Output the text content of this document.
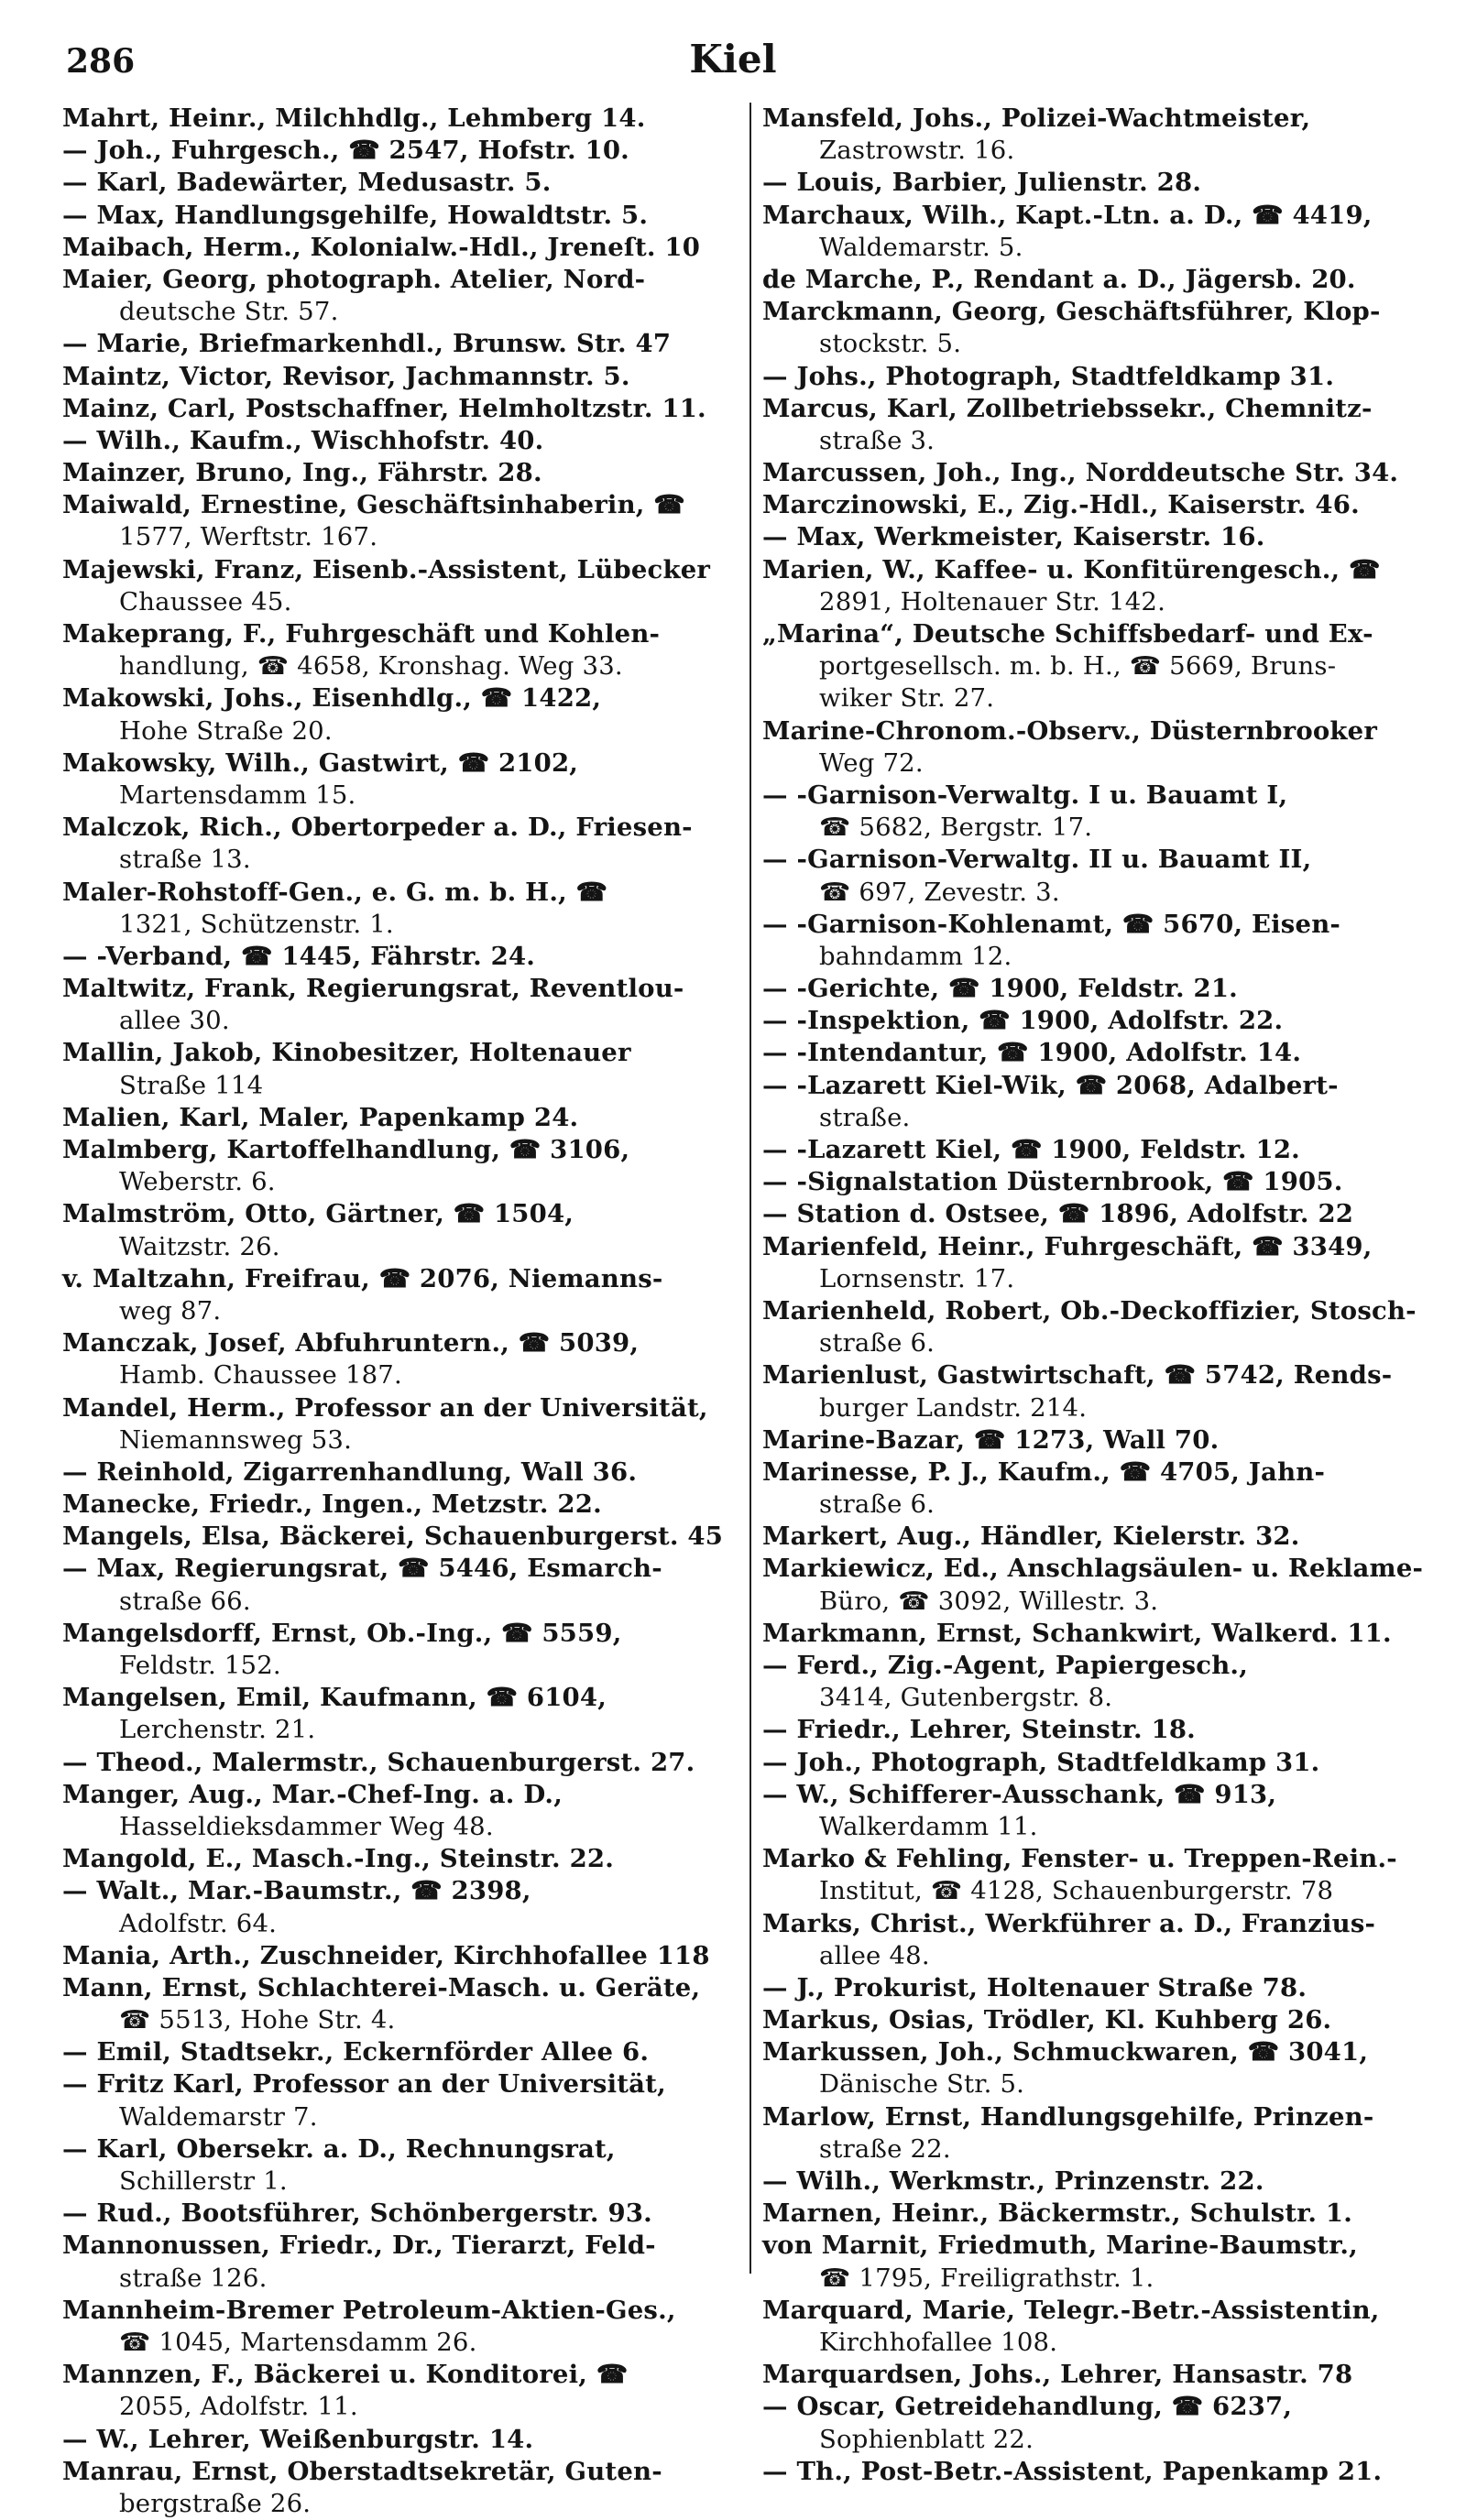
286	Kiel
Mahrt, Heinr., Milchhdlg., Lehmberg 14.
— Joh., Fuhrgesch., ☎ 2547, Hofstr. 10.
— Karl, Badewärter, Medusastr. 5.
— Max, Handlungsgehilfe, Howaldtstr. 5.
Maibach, Herm., Kolonialw.-Hdl., Jreneſt. 10
Maier, Georg, photograph. Atelier, Nord-
deutsche Str. 57.
— Marie, Briefmarkenhdl., Brunsw. Str. 47
Maintz, Victor, Revisor, Jachmannstr. 5.
Mainz, Carl, Postschaffner, Helmholtzstr. 11.
— Wilh., Kaufm., Wischhofstr. 40.
Mainzer, Bruno, Ing., Fährstr. 28.
Maiwald, Ernestine, Geschäftsinhaberin, ☎
1577, Werftstr. 167.
Majewski, Franz, Eisenb.-Assistent, Lübecker
Chaussee 45.
Makeprang, F., Fuhrgeschäft und Kohlen-
handlung, ☎ 4658, Kronshag. Weg 33.
Makowski, Johs., Eisenhdlg., ☎ 1422,
Hohe Straße 20.
Makowsky, Wilh., Gastwirt, ☎ 2102,
Martensdamm 15.
Malczok, Rich., Obertorpeder a. D., Friesen-
straße 13.
Maler-Rohstoff-Gen., e. G. m. b. H., ☎
1321, Schützenstr. 1.
— -Verband, ☎ 1445, Fährstr. 24.
Maltwitz, Frank, Regierungsrat, Reventlou-
allee 30.
Mallin, Jakob, Kinobesitzer, Holtenauer
Straße 114
Malien, Karl, Maler, Papenkamp 24.
Malmberg, Kartoffelhandlung, ☎ 3106,
Weberstr. 6.
Malmström, Otto, Gärtner, ☎ 1504,
Waitzstr. 26.
v. Maltzahn, Freifrau, ☎ 2076, Niemanns-
weg 87.
Manczak, Josef, Abfuhruntern., ☎ 5039,
Hamb. Chaussee 187.
Mandel, Herm., Professor an der Universität,
Niemannsweg 53.
— Reinhold, Zigarrenhandlung, Wall 36.
Manecke, Friedr., Ingen., Metzstr. 22.
Mangels, Elsa, Bäckerei, Schauenburgerst. 45
— Max, Regierungsrat, ☎ 5446, Esmarch-
straße 66.
Mangelsdorff, Ernst, Ob.-Ing., ☎ 5559,
Feldstr. 152.
Mangelsen, Emil, Kaufmann, ☎ 6104,
Lerchenstr. 21.
— Theod., Malermstr., Schauenburgerst. 27.
Manger, Aug., Mar.-Chef-Ing. a. D.,
Hasseldieksdammer Weg 48.
Mangold, E., Masch.-Ing., Steinstr. 22.
— Walt., Mar.-Baumstr., ☎ 2398,
Adolfstr. 64.
Mania, Arth., Zuschneider, Kirchhofallee 118
Mann, Ernst, Schlachterei-Masch. u. Geräte,
☎ 5513, Hohe Str. 4.
— Emil, Stadtsekr., Eckernförder Allee 6.
— Fritz Karl, Professor an der Universität,
Waldemarstr 7.
— Karl, Obersekr. a. D., Rechnungsrat,
Schillerstr 1.
— Rud., Bootsführer, Schönbergerstr. 93.
Mannonussen, Friedr., Dr., Tierarzt, Feld-
straße 126.
Mannheim-Bremer Petroleum-Aktien-Ges.,
☎ 1045, Martensdamm 26.
Mannzen, F., Bäckerei u. Konditorei, ☎
2055, Adolfstr. 11.
— W., Lehrer, Weißenburgstr. 14.
Manrau, Ernst, Oberstadtsekretär, Guten-
bergstraße 26.
Mansfeld, Johs., Polizei-Wachtmeister,
Zastrowstr. 16.
— Louis, Barbier, Julienstr. 28.
Marchaux, Wilh., Kapt.-Ltn. a. D., ☎ 4419,
Waldemarstr. 5.
de Marche, P., Rendant a. D., Jägersb. 20.
Marckmann, Georg, Geschäftsführer, Klop-
stockstr. 5.
— Johs., Photograph, Stadtfeldkamp 31.
Marcus, Karl, Zollbetriebssekr., Chemnitz-
straße 3.
Marcussen, Joh., Ing., Norddeutsche Str. 34.
Marczinowski, E., Zig.-Hdl., Kaiserstr. 46.
— Max, Werkmeister, Kaiserstr. 16.
Marien, W., Kaffee- u. Konfitürengesch., ☎
2891, Holtenauer Str. 142.
„Marina“, Deutsche Schiffsbedarf- und Ex-
portgesellsch. m. b. H., ☎ 5669, Bruns-
wiker Str. 27.
Marine-Chronom.-Observ., Düsternbrooker
Weg 72.
— -Garnison-Verwaltg. I u. Bauamt I,
☎ 5682, Bergstr. 17.
— -Garnison-Verwaltg. II u. Bauamt II,
☎ 697, Zevestr. 3.
— -Garnison-Kohlenamt, ☎ 5670, Eisen-
bahndamm 12.
— -Gerichte, ☎ 1900, Feldstr. 21.
— -Inspektion, ☎ 1900, Adolfstr. 22.
— -Intendantur, ☎ 1900, Adolfstr. 14.
— -Lazarett Kiel-Wik, ☎ 2068, Adalbert-
straße.
— -Lazarett Kiel, ☎ 1900, Feldstr. 12.
— -Signalstation Düsternbrook, ☎ 1905.
— Station d. Ostsee, ☎ 1896, Adolfstr. 22
Marienfeld, Heinr., Fuhrgeschäft, ☎ 3349,
Lornsenstr. 17.
Marienheld, Robert, Ob.-Deckoffizier, Stosch-
straße 6.
Marienlust, Gastwirtschaft, ☎ 5742, Rends-
burger Landstr. 214.
Marine-Bazar, ☎ 1273, Wall 70.
Marinesse, P. J., Kaufm., ☎ 4705, Jahn-
straße 6.
Markert, Aug., Händler, Kielerstr. 32.
Markiewicz, Ed., Anschlagsäulen- u. Reklame-
Büro, ☎ 3092, Willestr. 3.
Markmann, Ernst, Schankwirt, Walkerd. 11.
— Ferd., Zig.-Agent, Papiergesch.,
3414, Gutenbergstr. 8.
— Friedr., Lehrer, Steinstr. 18.
— Joh., Photograph, Stadtfeldkamp 31.
— W., Schifferer-Ausschank, ☎ 913,
Walkerdamm 11.
Marko & Fehling, Fenster- u. Treppen-Rein.-
Institut, ☎ 4128, Schauenburgerstr. 78
Marks, Christ., Werkführer a. D., Franzius-
allee 48.
— J., Prokurist, Holtenauer Straße 78.
Markus, Osias, Trödler, Kl. Kuhberg 26.
Markussen, Joh., Schmuckwaren, ☎ 3041,
Dänische Str. 5.
Marlow, Ernst, Handlungsgehilfe, Prinzen-
straße 22.
— Wilh., Werkmstr., Prinzenstr. 22.
Marnen, Heinr., Bäckermstr., Schulstr. 1.
von Marnit, Friedmuth, Marine-Baumstr.,
☎ 1795, Freiligrathstr. 1.
Marquard, Marie, Telegr.-Betr.-Assistentin,
Kirchhofallee 108.
Marquardsen, Johs., Lehrer, Hansastr. 78
— Oscar, Getreidehandlung, ☎ 6237,
Sophienblatt 22.
— Th., Post-Betr.-Assistent, Papenkamp 21.
